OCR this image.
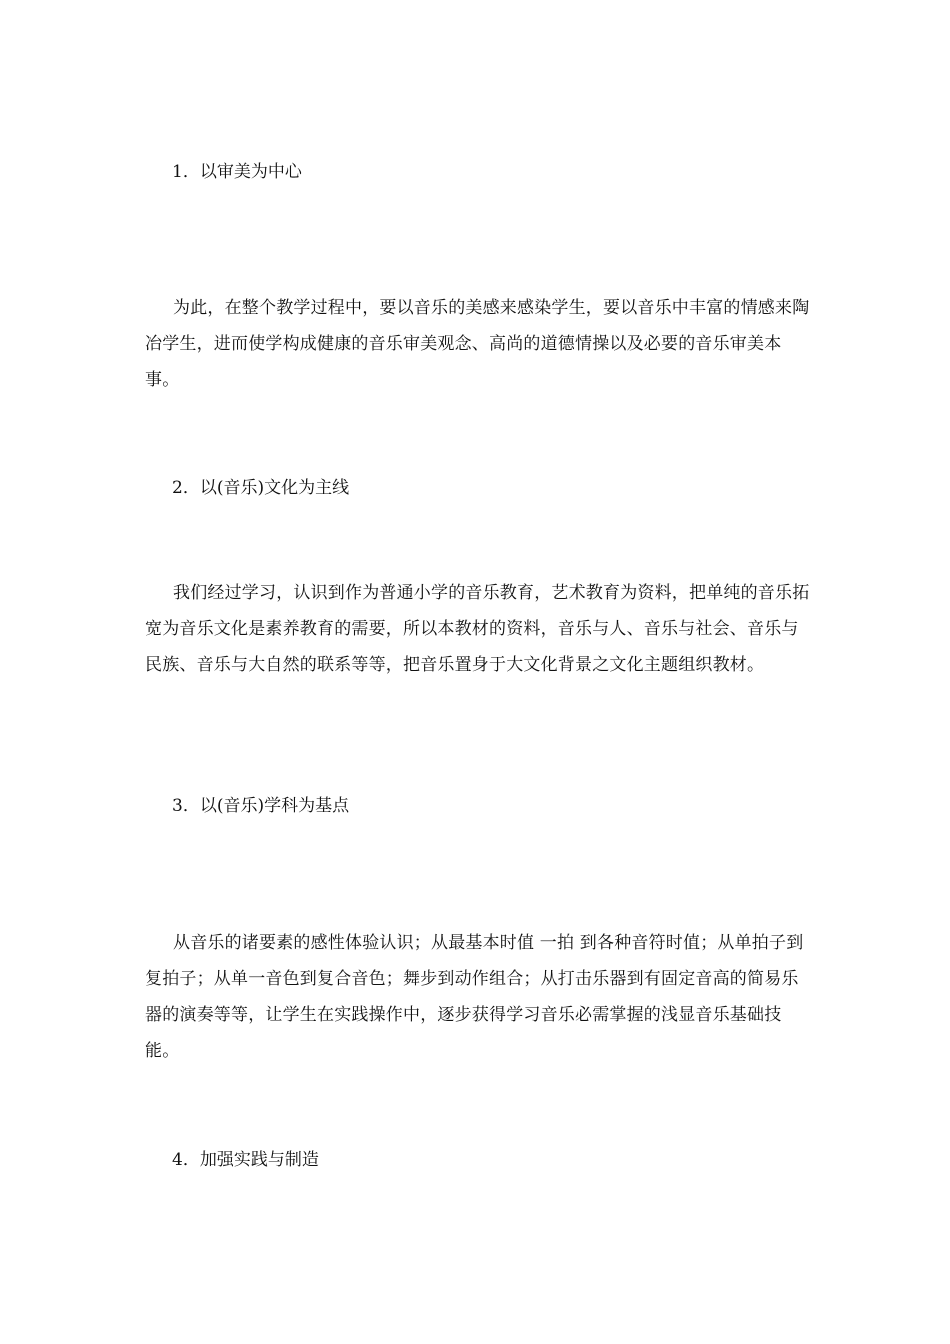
1．以审美为中心

为此，在整个教学过程中，要以音乐的美感来感染学生，要以音乐中丰富的情感来陶冶学生，进而使学构成健康的音乐审美观念、高尚的道德情操以及必要的音乐审美本事。

2．以(音乐)文化为主线

我们经过学习，认识到作为普通小学的音乐教育，艺术教育为资料，把单纯的音乐拓宽为音乐文化是素养教育的需要，所以本教材的资料，音乐与人、音乐与社会、音乐与民族、音乐与大自然的联系等等，把音乐置身于大文化背景之文化主题组织教材。

3．以(音乐)学科为基点

从音乐的诸要素的感性体验认识；从最基本时值 一拍 到各种音符时值；从单拍子到复拍子；从单一音色到复合音色；舞步到动作组合；从打击乐器到有固定音高的简易乐器的演奏等等，让学生在实践操作中，逐步获得学习音乐必需掌握的浅显音乐基础技能。

4．加强实践与制造
